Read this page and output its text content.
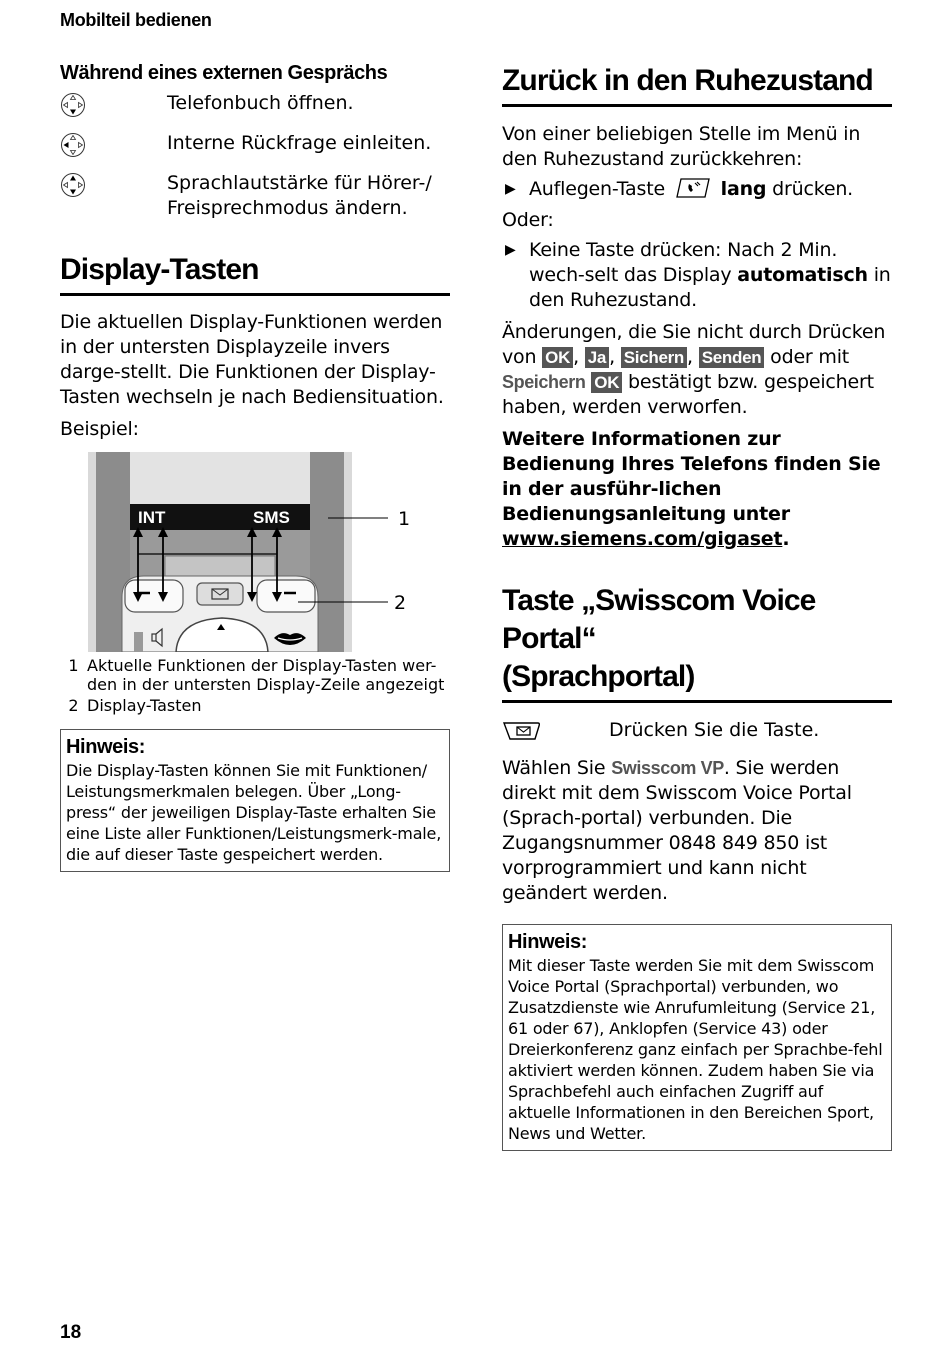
Mobilteil bedienen
Während eines externen Gesprächs
Telefonbuch öffnen.
Interne Rückfrage einleiten.
Sprachlautstärke für Hörer-/ Freisprechmodus ändern.
Display-Tasten
Die aktuellen Display-Funktionen werden in der untersten Displayzeile invers darge-stellt. Die Funktionen der Display-Tasten wechseln je nach Bediensituation.
Beispiel:
INT	SMS	1
2
1 Aktuelle Funktionen der Display-Tasten wer-den in der untersten Display-Zeile angezeigt
2 Display-Tasten
Hinweis:
Die Display-Tasten können Sie mit Funktionen/ Leistungsmerkmalen belegen. Über „Long-press“ der jeweiligen Display-Taste erhalten Sie eine Liste aller Funktionen/Leistungsmerk-male, die auf dieser Taste gespeichert werden.
Zurück in den Ruhezustand
Von einer beliebigen Stelle im Menü in den Ruhezustand zurückkehren:
▶ Auflegen-Taste	lang drücken.
Oder:
▶ Keine Taste drücken: Nach 2 Min. wech-selt das Display automatisch in den Ruhezustand.
Änderungen, die Sie nicht durch Drücken von OK , Ja , Sichern , Senden oder mit Speichern OK bestätigt bzw. gespeichert haben, werden verworfen.
Weitere Informationen zur Bedienung Ihres Telefons finden Sie in der ausführ-lichen Bedienungsanleitung unter www.siemens.com/gigaset.
Taste „Swisscom Voice Portal“
(Sprachportal)
Drücken Sie die Taste.
Wählen Sie Swisscom VP. Sie werden direkt mit dem Swisscom Voice Portal (Sprach-portal) verbunden. Die Zugangsnummer 0848 849 850 ist vorprogrammiert und kann nicht geändert werden.
Hinweis:
Mit dieser Taste werden Sie mit dem Swisscom Voice Portal (Sprachportal) verbunden, wo Zusatzdienste wie Anrufumleitung (Service 21, 61 oder 67), Anklopfen (Service 43) oder Dreierkonferenz ganz einfach per Sprachbe-fehl aktiviert werden können. Zudem haben Sie via Sprachbefehl auch einfachen Zugriff auf aktuelle Informationen in den Bereichen Sport, News und Wetter.
18
